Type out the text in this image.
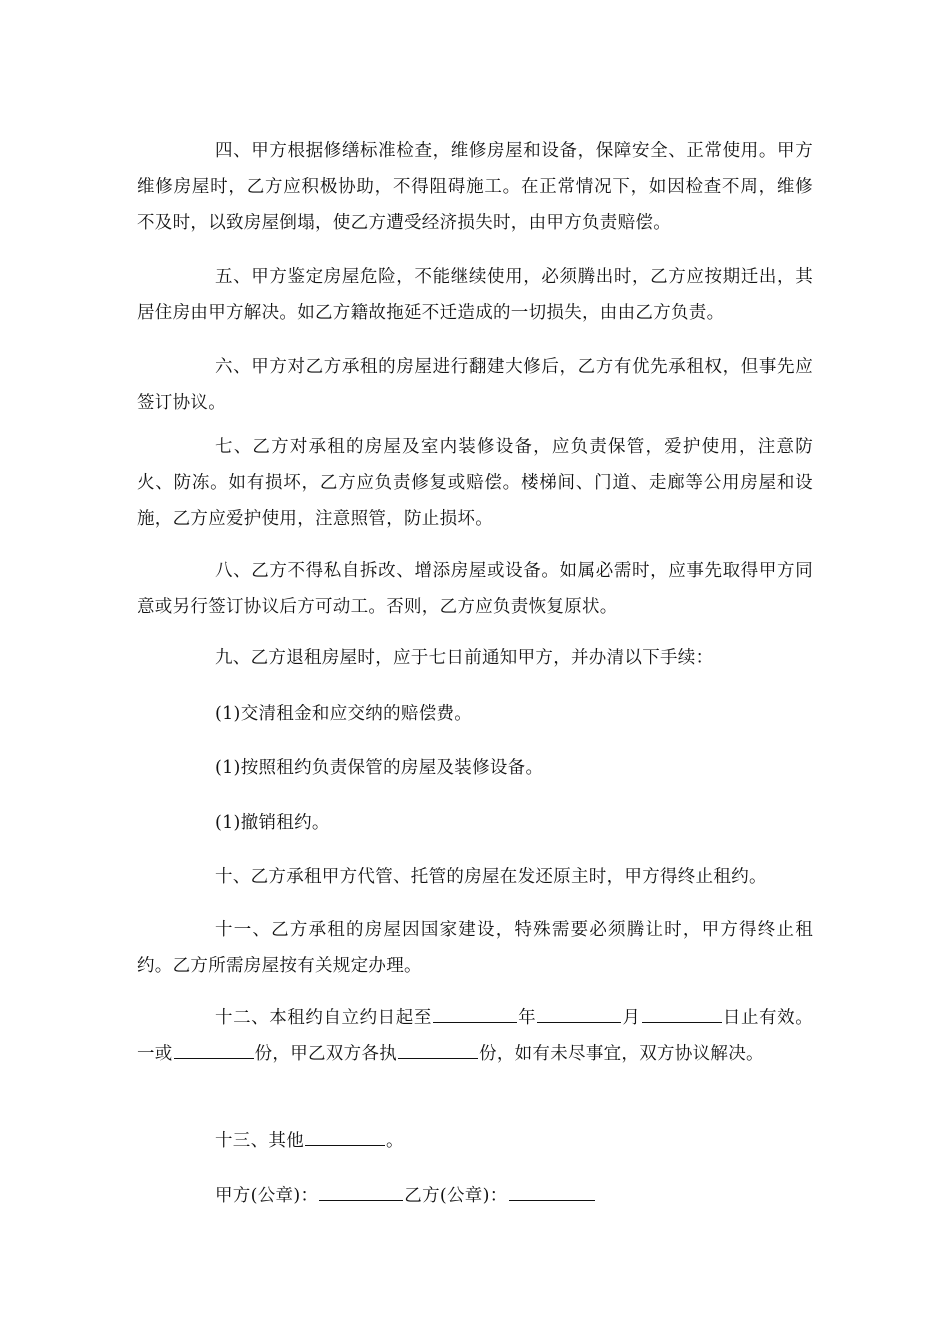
四、甲方根据修缮标准检查，维修房屋和设备，保障安全、正常使用。甲方维修房屋时，乙方应积极协助，不得阻碍施工。在正常情况下，如因检查不周，维修不及时，以致房屋倒塌，使乙方遭受经济损失时，由甲方负责赔偿。

五、甲方鉴定房屋危险，不能继续使用，必须腾出时，乙方应按期迁出，其居住房由甲方解决。如乙方籍故拖延不迁造成的一切损失，由由乙方负责。

六、甲方对乙方承租的房屋进行翻建大修后，乙方有优先承租权，但事先应签订协议。

七、乙方对承租的房屋及室内装修设备，应负责保管，爱护使用，注意防火、防冻。如有损坏，乙方应负责修复或赔偿。楼梯间、门道、走廊等公用房屋和设施，乙方应爱护使用，注意照管，防止损坏。

八、乙方不得私自拆改、增添房屋或设备。如属必需时，应事先取得甲方同意或另行签订协议后方可动工。否则，乙方应负责恢复原状。

九、乙方退租房屋时，应于七日前通知甲方，并办清以下手续：

(1)交清租金和应交纳的赔偿费。

(1)按照租约负责保管的房屋及装修设备。

(1)撤销租约。

十、乙方承租甲方代管、托管的房屋在发还原主时，甲方得终止租约。

十一、乙方承租的房屋因国家建设，特殊需要必须腾让时，甲方得终止租约。乙方所需房屋按有关规定办理。

十二、本租约自立约日起至	年	月	日止有效。一或	份，甲乙双方各执	份，如有未尽事宜，双方协议解决。

十三、其他	。

甲方(公章)：	乙方(公章)：
